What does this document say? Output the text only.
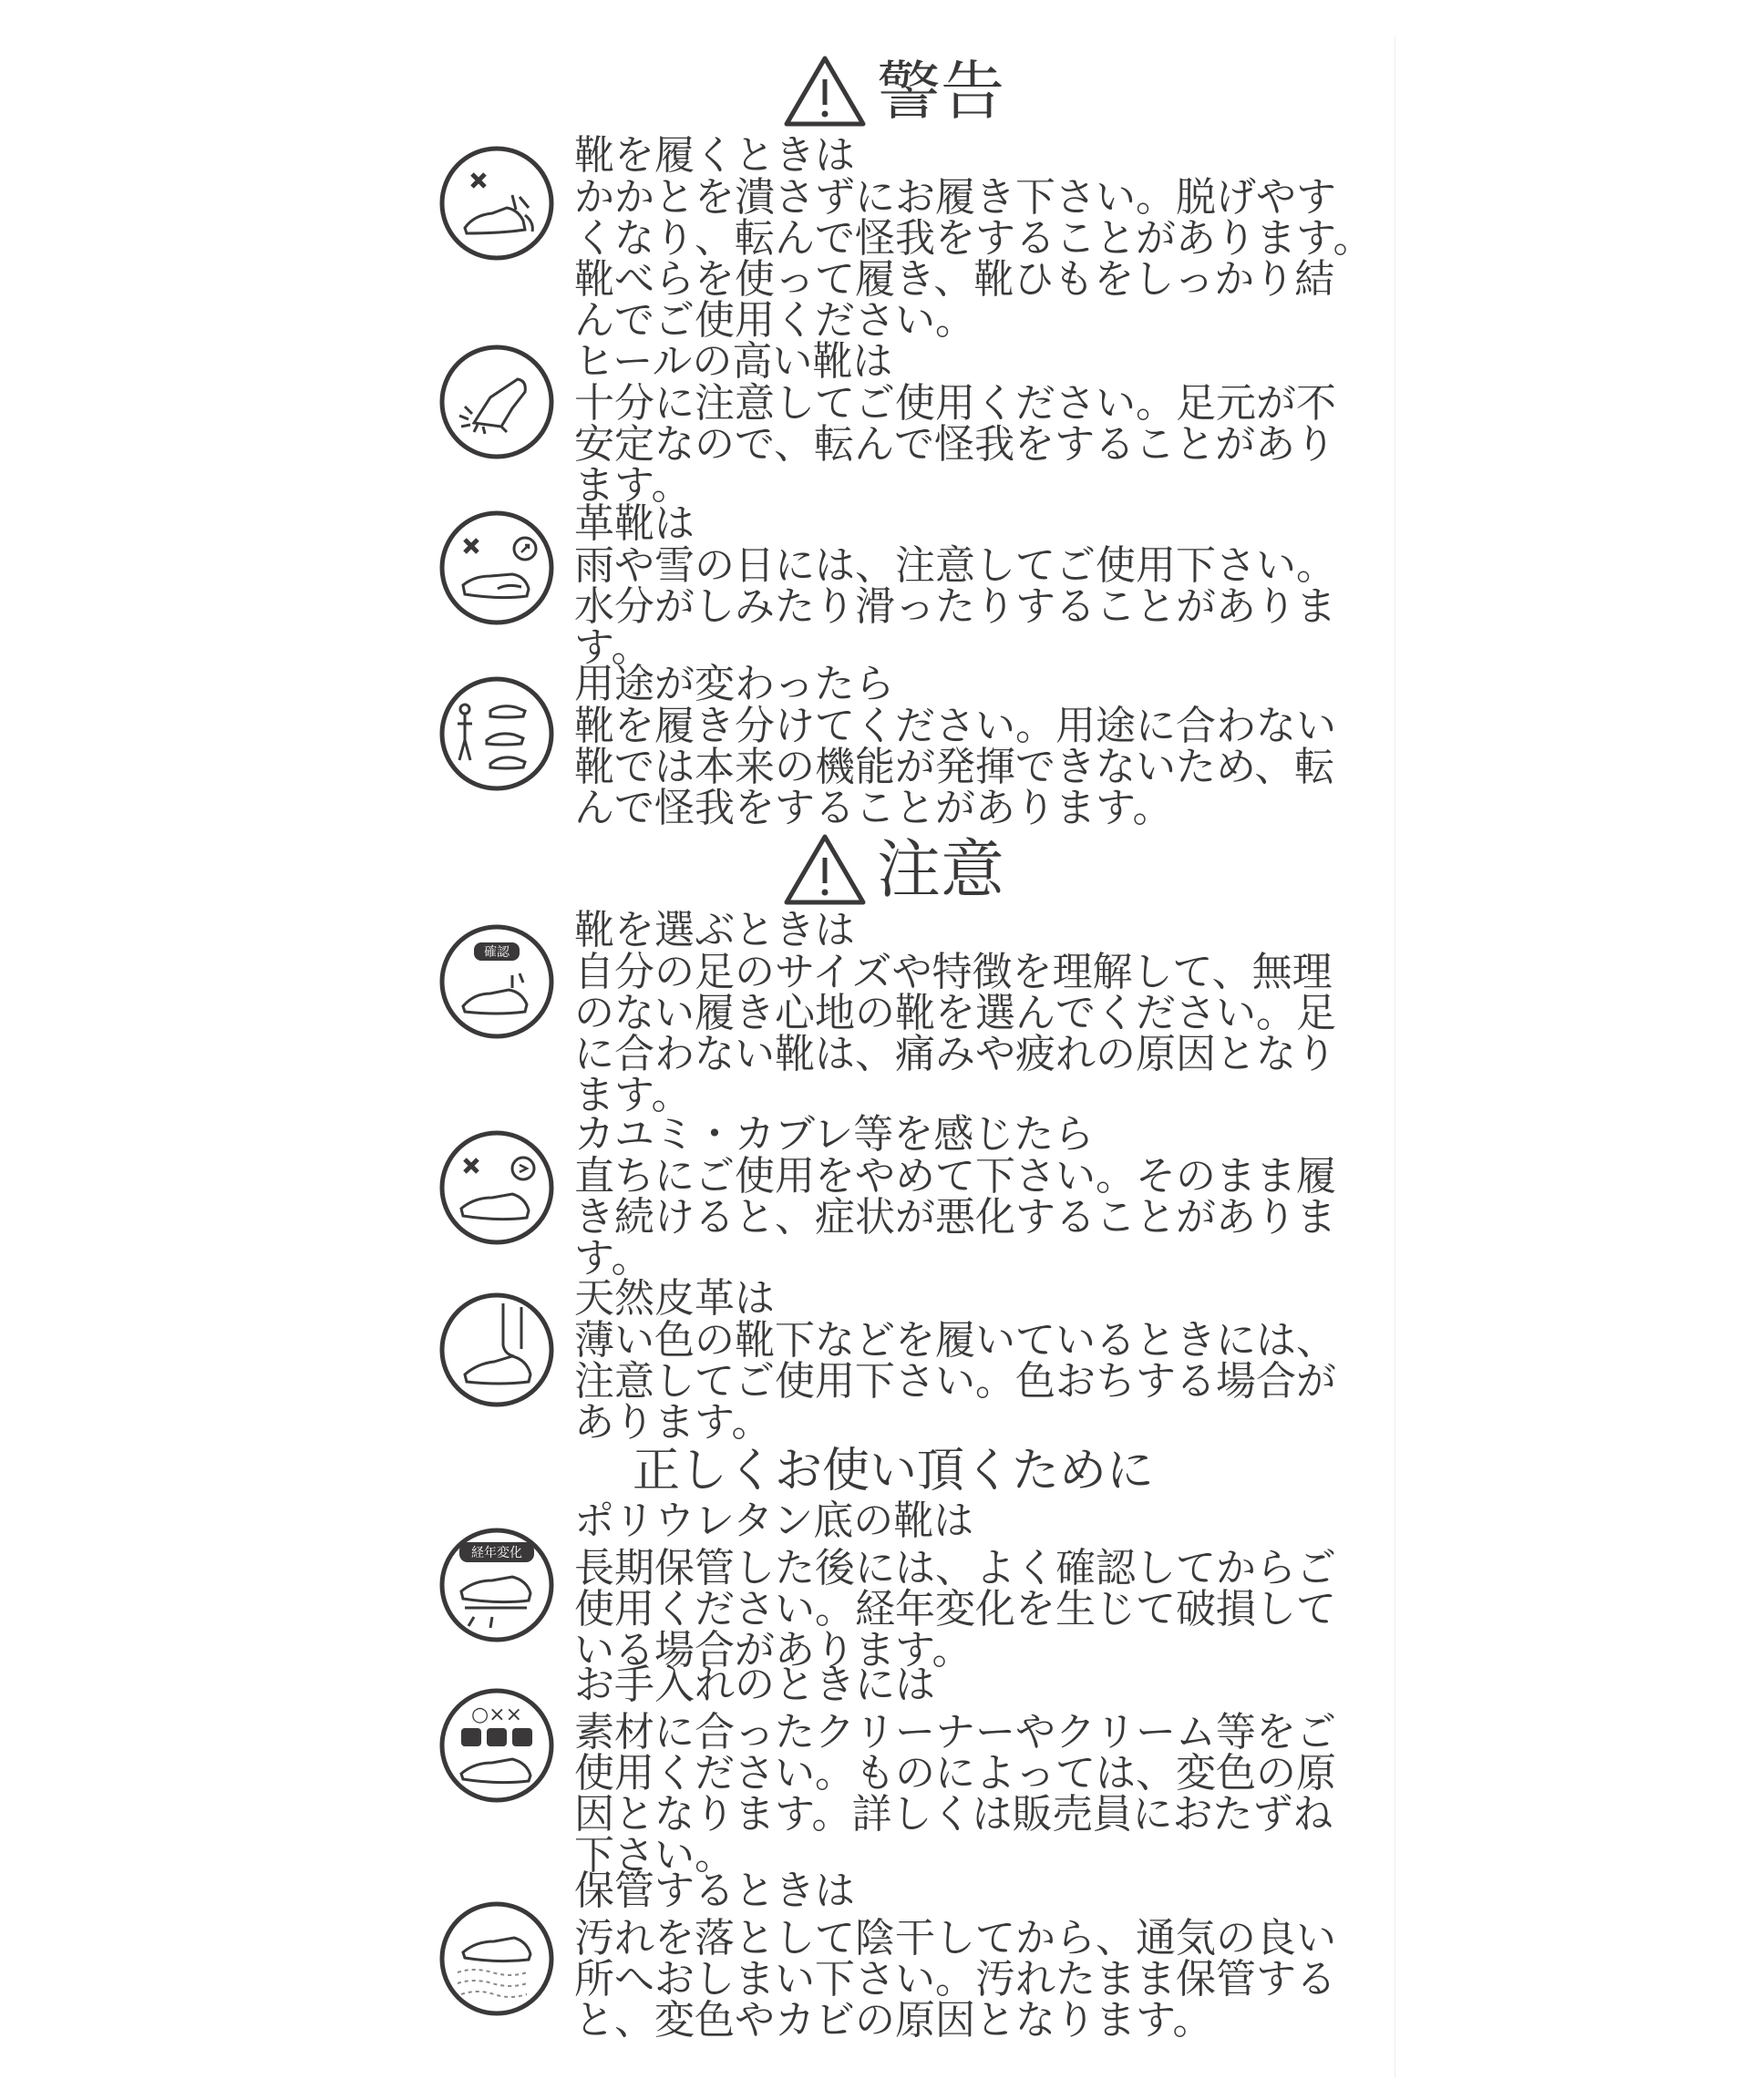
警告
靴を履くときは
かかとを潰さずにお履き下さい。脱げやす
くなり、転んで怪我をすることがあります。
靴べらを使って履き、靴ひもをしっかり結
んでご使用ください。
ヒールの高い靴は
十分に注意してご使用ください。足元が不
安定なので、転んで怪我をすることがあり
ます。
革靴は
雨や雪の日には、注意してご使用下さい。
水分がしみたり滑ったりすることがありま
す。
用途が変わったら
靴を履き分けてください。用途に合わない
靴では本来の機能が発揮できないため、転
んで怪我をすることがあります。
注意
確認 靴を選ぶときは
自分の足のサイズや特徴を理解して、無理
のない履き心地の靴を選んでください。足
に合わない靴は、痛みや疲れの原因となり
ます。
カユミ・カブレ等を感じたら
直ちにご使用をやめて下さい。そのまま履
き続けると、症状が悪化することがありま
す。
天然皮革は
薄い色の靴下などを履いているときには、
注意してご使用下さい。色おちする場合が
あります。
正しくお使い頂くために
経年変化
ポリウレタン底の靴は
長期保管した後には、よく確認してからご
使用ください。経年変化を生じて破損して
いる場合があります。
○××
お手入れのときには
素材に合ったクリーナーやクリーム等をご
使用ください。ものによっては、変色の原
因となります。詳しくは販売員におたずね
下さい。
保管するときは
汚れを落として陰干してから、通気の良い
所へおしまい下さい。汚れたまま保管する
と、変色やカビの原因となります。
